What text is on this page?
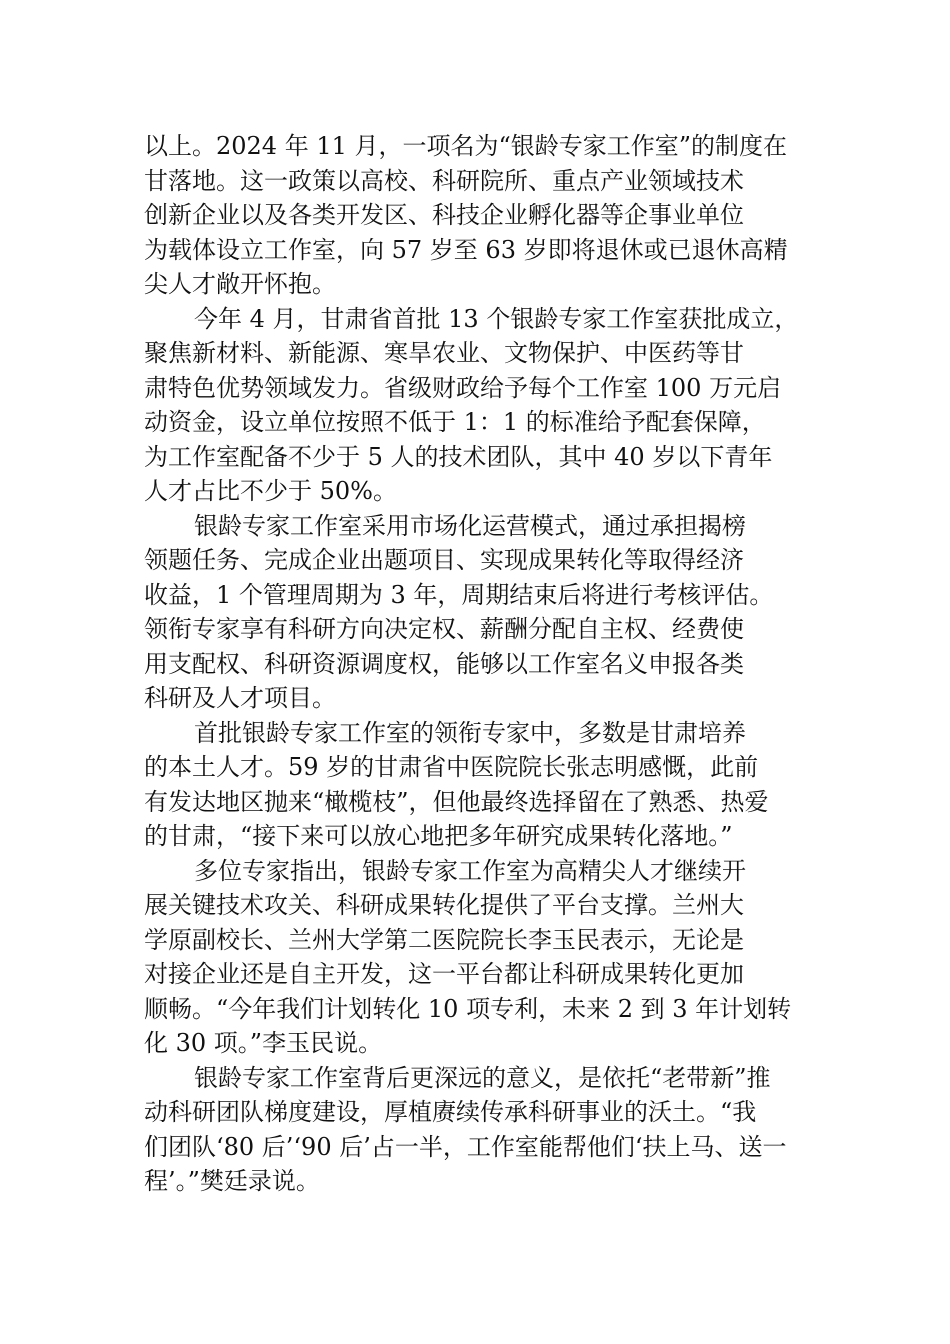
以上。2024 年 11 月，一项名为“银龄专家工作室”的制度在
甘落地。这一政策以高校、科研院所、重点产业领域技术
创新企业以及各类开发区、科技企业孵化器等企事业单位
为载体设立工作室，向 57 岁至 63 岁即将退休或已退休高精
尖人才敞开怀抱。
今年 4 月，甘肃省首批 13 个银龄专家工作室获批成立，
聚焦新材料、新能源、寒旱农业、文物保护、中医药等甘
肃特色优势领域发力。省级财政给予每个工作室 100 万元启
动资金，设立单位按照不低于 1：1 的标准给予配套保障，
为工作室配备不少于 5 人的技术团队，其中 40 岁以下青年
人才占比不少于 50%。
银龄专家工作室采用市场化运营模式，通过承担揭榜
领题任务、完成企业出题项目、实现成果转化等取得经济
收益，1 个管理周期为 3 年，周期结束后将进行考核评估。
领衔专家享有科研方向决定权、薪酬分配自主权、经费使
用支配权、科研资源调度权，能够以工作室名义申报各类
科研及人才项目。
首批银龄专家工作室的领衔专家中，多数是甘肃培养
的本土人才。59 岁的甘肃省中医院院长张志明感慨，此前
有发达地区抛来“橄榄枝”，但他最终选择留在了熟悉、热爱
的甘肃，“接下来可以放心地把多年研究成果转化落地。”
多位专家指出，银龄专家工作室为高精尖人才继续开
展关键技术攻关、科研成果转化提供了平台支撑。兰州大
学原副校长、兰州大学第二医院院长李玉民表示，无论是
对接企业还是自主开发，这一平台都让科研成果转化更加
顺畅。“今年我们计划转化 10 项专利，未来 2 到 3 年计划转
化 30 项。”李玉民说。
银龄专家工作室背后更深远的意义，是依托“老带新”推
动科研团队梯度建设，厚植赓续传承科研事业的沃土。“我
们团队‘80 后’‘90 后’占一半，工作室能帮他们‘扶上马、送一
程’。”樊廷录说。
